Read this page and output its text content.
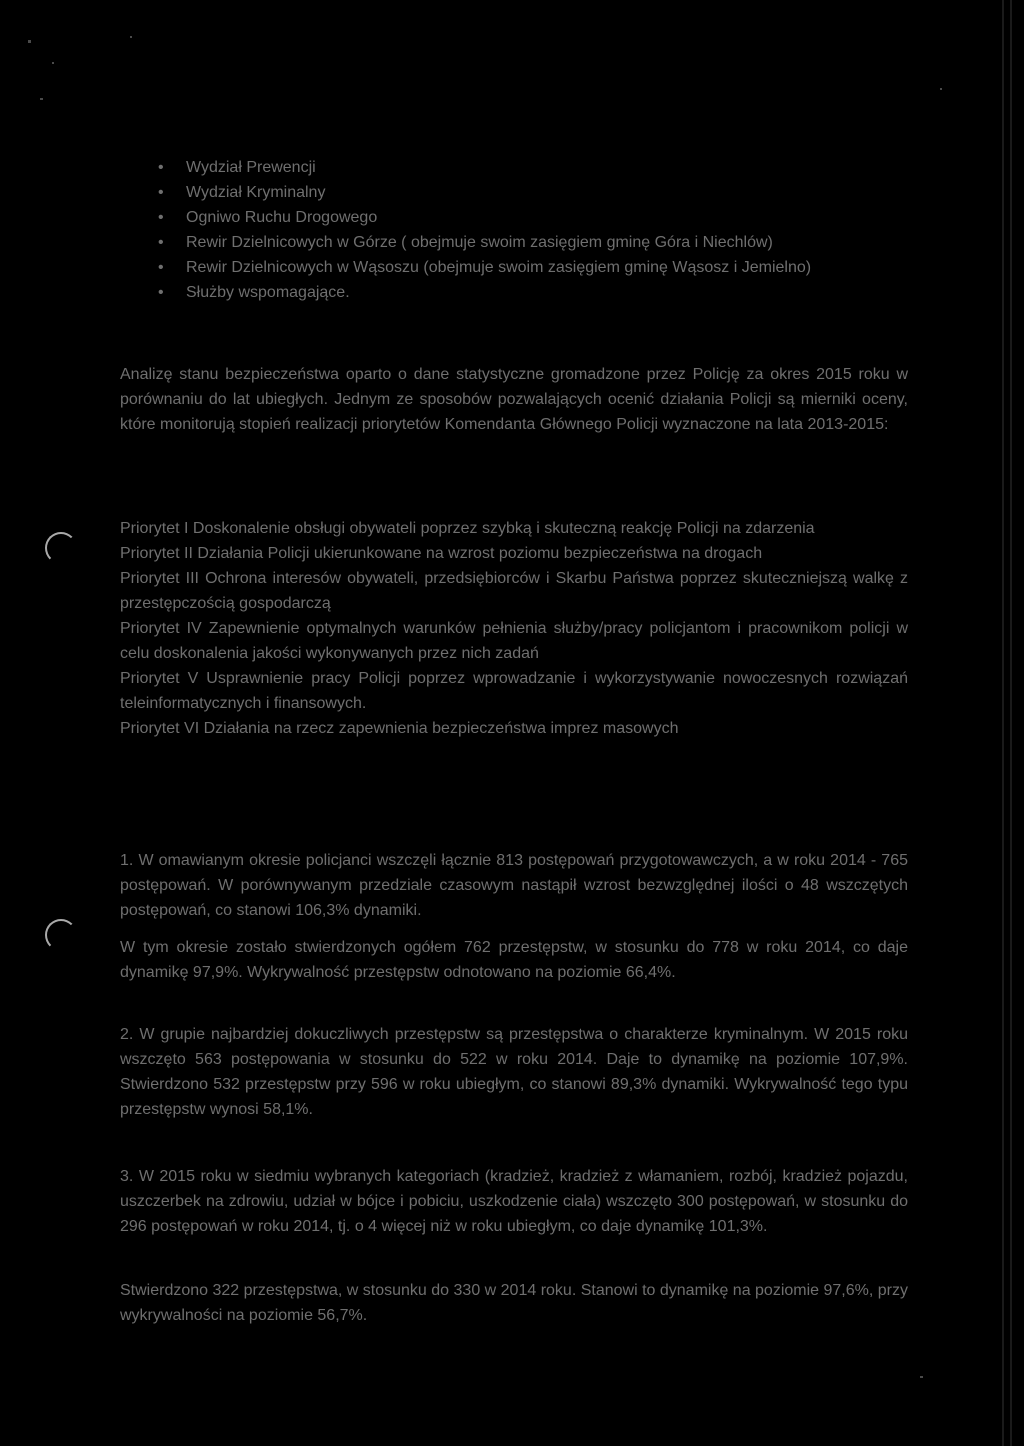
• Wydział Prewencji
• Wydział Kryminalny
• Ogniwo Ruchu Drogowego
• Rewir Dzielnicowych w Górze ( obejmuje swoim zasięgiem gminę Góra i Niechlów)
• Rewir Dzielnicowych w Wąsoszu (obejmuje swoim zasięgiem gminę Wąsosz i Jemielno)
• Służby wspomagające.

Analizę stanu bezpieczeństwa oparto o dane statystyczne gromadzone przez Policję za okres 2015 roku w porównaniu do lat ubiegłych. Jednym ze sposobów pozwalających ocenić działania Policji są mierniki oceny, które monitorują stopień realizacji priorytetów Komendanta Głównego Policji wyznaczone na lata 2013-2015:

Priorytet I Doskonalenie obsługi obywateli poprzez szybką i skuteczną reakcję Policji na zdarzenia
Priorytet II Działania Policji ukierunkowane na wzrost poziomu bezpieczeństwa na drogach
Priorytet III Ochrona interesów obywateli, przedsiębiorców i Skarbu Państwa poprzez skuteczniejszą walkę z przestępczością gospodarczą
Priorytet IV Zapewnienie optymalnych warunków pełnienia służby/pracy policjantom i pracownikom policji w celu doskonalenia jakości wykonywanych przez nich zadań
Priorytet V Usprawnienie pracy Policji poprzez wprowadzanie i wykorzystywanie nowoczesnych rozwiązań teleinformatycznych i finansowych.
Priorytet VI Działania na rzecz zapewnienia bezpieczeństwa imprez masowych

1. W omawianym okresie policjanci wszczęli łącznie 813 postępowań przygotowawczych, a w roku 2014 - 765 postępowań. W porównywanym przedziale czasowym nastąpił wzrost bezwzględnej ilości o 48 wszczętych postępowań, co stanowi 106,3% dynamiki.

W tym okresie zostało stwierdzonych ogółem 762 przestępstw, w stosunku do 778 w roku 2014, co daje dynamikę 97,9%. Wykrywalność przestępstw odnotowano na poziomie 66,4%.

2. W grupie najbardziej dokuczliwych przestępstw są przestępstwa o charakterze kryminalnym. W 2015 roku wszczęto 563 postępowania w stosunku do 522 w roku 2014. Daje to dynamikę na poziomie 107,9%. Stwierdzono 532 przestępstw przy 596 w roku ubiegłym, co stanowi 89,3% dynamiki. Wykrywalność tego typu przestępstw wynosi 58,1%.

3. W 2015 roku w siedmiu wybranych kategoriach (kradzież, kradzież z włamaniem, rozbój, kradzież pojazdu, uszczerbek na zdrowiu, udział w bójce i pobiciu, uszkodzenie ciała) wszczęto 300 postępowań, w stosunku do 296 postępowań w roku 2014, tj. o 4 więcej niż w roku ubiegłym, co daje dynamikę 101,3%.

Stwierdzono 322 przestępstwa, w stosunku do 330 w 2014 roku. Stanowi to dynamikę na poziomie 97,6%, przy wykrywalności na poziomie 56,7%.
